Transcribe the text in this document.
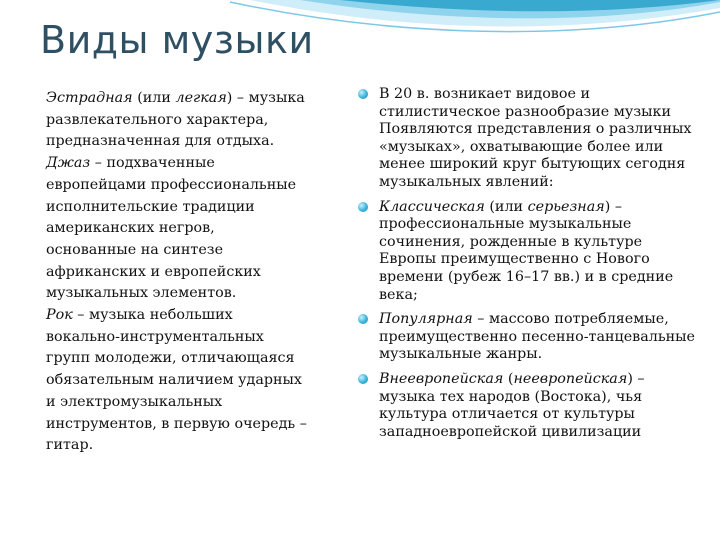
Виды музыки

Эстрадная (или легкая) – музыка развлекательного характера, предназначенная для отдыха.

Джаз – подхваченные европейцами профессиональные исполнительские традиции американских негров, основанные на синтезе африканских и европейских музыкальных элементов.

Рок – музыка небольших вокально-инструментальных групп молодежи, отличающаяся обязательным наличием ударных и электромузыкальных инструментов, в первую очередь – гитар.

В 20 в. возникает видовое и стилистическое разнообразие музыки Появляются представления о различных «музыках», охватывающие более или менее широкий круг бытующих сегодня музыкальных явлений:
Классическая (или серьезная) – профессиональные музыкальные сочинения, рожденные в культуре Европы преимущественно с Нового времени (рубеж 16–17 вв.) и в средние века;
Популярная – массово потребляемые, преимущественно песенно-танцевальные музыкальные жанры.
Внеевропейская (неевропейская) – музыка тех народов (Востока), чья культура отличается от культуры западноевропейской цивилизации
